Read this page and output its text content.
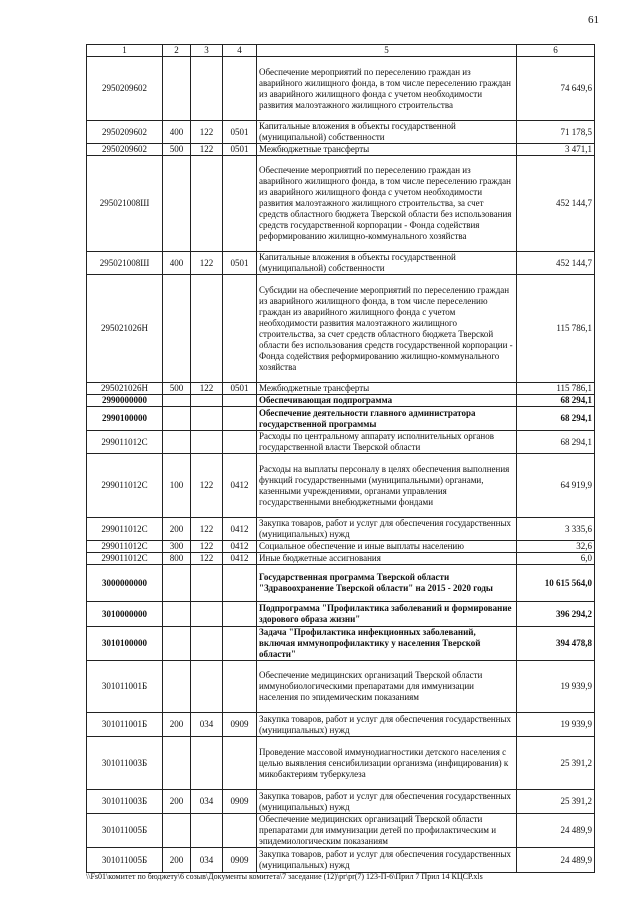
61
1	2	3	4	5	6
2950209602				Обеспечение мероприятий по переселению граждан из аварийного жилищного фонда, в том числе переселению граждан из аварийного жилищного фонда с учетом необходимости развития малоэтажного жилищного строительства	74 649,6
2950209602	400	122	0501	Капитальные вложения в объекты государственной (муниципальной) собственности	71 178,5
2950209602	500	122	0501	Межбюджетные трансферты	3 471,1
295021008Ш				Обеспечение мероприятий по переселению граждан из аварийного жилищного фонда, в том числе переселению граждан из аварийного жилищного фонда с учетом необходимости развития малоэтажного жилищного строительства, за счет средств областного бюджета Тверской области без использования средств государственной корпорации - Фонда содействия реформированию жилищно-коммунального хозяйства	452 144,7
295021008Ш	400	122	0501	Капитальные вложения в объекты государственной (муниципальной) собственности	452 144,7
295021026Н				Субсидии на обеспечение мероприятий по переселению граждан из аварийного жилищного фонда, в том числе переселению граждан из аварийного жилищного фонда с учетом необходимости развития малоэтажного жилищного строительства, за счет средств областного бюджета Тверской области без использования средств государственной корпорации - Фонда содействия реформированию жилищно-коммунального хозяйства	115 786,1
295021026Н	500	122	0501	Межбюджетные трансферты	115 786,1
2990000000				Обеспечивающая подпрограмма	68 294,1
2990100000				Обеспечение деятельности главного администратора государственной программы	68 294,1
299011012С				Расходы по центральному аппарату исполнительных органов государственной власти Тверской области	68 294,1
299011012С	100	122	0412	Расходы на выплаты персоналу в целях обеспечения выполнения функций государственными (муниципальными) органами, казенными учреждениями, органами управления государственными внебюджетными фондами	64 919,9
299011012С	200	122	0412	Закупка товаров, работ и услуг для обеспечения государственных (муниципальных) нужд	3 335,6
299011012С	300	122	0412	Социальное обеспечение и иные выплаты населению	32,6
299011012С	800	122	0412	Иные бюджетные ассигнования	6,0
3000000000				Государственная программа Тверской области "Здравоохранение Тверской области" на 2015 - 2020 годы	10 615 564,0
3010000000				Подпрограмма "Профилактика заболеваний и формирование здорового образа жизни"	396 294,2
3010100000				Задача "Профилактика инфекционных заболеваний, включая иммунопрофилактику у населения Тверской области"	394 478,8
301011001Б				Обеспечение медицинских организаций Тверской области иммунобиологическими препаратами для иммунизации населения по эпидемическим показаниям	19 939,9
301011001Б	200	034	0909	Закупка товаров, работ и услуг для обеспечения государственных (муниципальных) нужд	19 939,9
301011003Б				Проведение массовой иммунодиагностики детского населения с целью выявления сенсибилизации организма (инфицирования) к микобактериям туберкулеза	25 391,2
301011003Б	200	034	0909	Закупка товаров, работ и услуг для обеспечения государственных (муниципальных) нужд	25 391,2
301011005Б				Обеспечение медицинских организаций Тверской области препаратами для иммунизации детей по профилактическим и эпидемиологическим показаниям	24 489,9
301011005Б	200	034	0909	Закупка товаров, работ и услуг для обеспечения государственных (муниципальных) нужд	24 489,9
\\Fs01\комитет по бюджету\6 созыв\Документы комитета\7 заседание (12)\pr\pr(7) 123-П-6\Прил 7 Прил 14 КЦСР.xls
